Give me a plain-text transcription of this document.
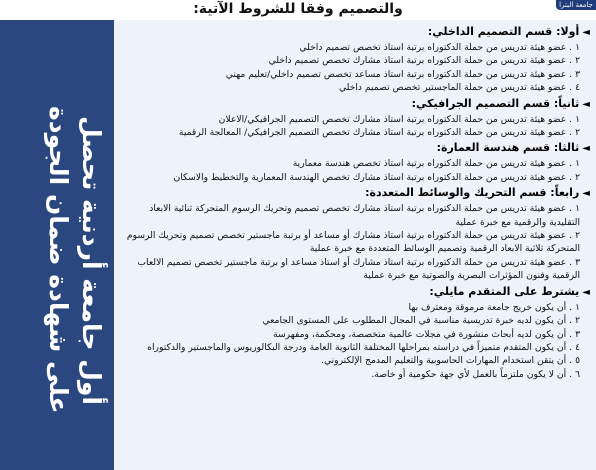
والتصميم وفقا للشروط الآتية:	جامعة البترا
أول جامعة أردنية تحصل
على شهادة ضمان الجودة
◄أولا: قسم التصميم الداخلي:
١. عضو هيئة تدريس من حملة الدكتوراه برتبة استاذ تخصص تصميم داخلي
٢. عضو هيئة تدريس من حملة الدكتوراه برتبة استاذ مشارك تخصص تصميم داخلي
٣. عضو هيئة تدريس من حملة الدكتوراه برتبة استاذ مساعد تخصص تصميم داخلي/تعليم مهني
٤. عضو هيئة تدريس من حملة الماجستير تخصص تصميم داخلي
◄ثانياً: قسم التصميم الجرافيكي:
١. عضو هيئة تدريس من حملة الدكتوراه برتبة استاذ مشارك تخصص التصميم الجرافيكي/الاعلان
٢. عضو هيئة تدريس من حملة الدكتوراه برتبة استاذ مشارك تخصص التصميم الجرافيكي/ المعالجة الرقمية
◄ثالثا: قسم هندسة العمارة:
١. عضو هيئة تدريس من حملة الدكتوراه برتبة استاذ تخصص هندسة معمارية
٢. عضو هيئة تدريس من حملة الدكتوراه برتبة استاذ مشارك تخصص الهندسة المعمارية والتخطيط والاسكان
◄رابعاً: قسم التحريك والوسائط المتعددة:
١. عضو هيئة تدريس من حملة الدكتوراه برتبة استاذ مشارك تخصص تصميم وتحريك الرسوم المتحركة ثنائية الابعاد التقليدية والرقمية مع خبرة عملية
٢. عضو هيئة تدريس من حملة الدكتوراه برتبة استاذ مشارك أو مساعد أو برتبة ماجستير تخصص تصميم وتحريك الرسوم المتحركة ثلاثية الابعاد الرقمية وتصميم الوسائط المتعددة مع خبرة عملية
٣. عضو هيئة تدريس من حملة الدكتوراه برتبة استاذ مشارك أو استاذ مساعد او برتبة ماجستير تخصص تصميم الالعاب الرقمية وفنون المؤثرات البصرية والصوتية مع خبرة عملية
◄يشترط على المتقدم مايلي:
١. أن يكون خريج جامعة مرموقة ومعترف بها
٢. أن يكون لديه خبرة تدريسية مناسبة في المجال المطلوب على المستوى الجامعي
٣. أن يكون لديه أبحاث منشورة في مجلات عالمية متخصصة، ومحكمة، ومفهرسة
٤. أن يكون المتقدم متميزاً في دراسته بمراحلها المختلفة الثانوية العامة ودرجة البكالوريوس والماجستير والدكتوراه
٥. أن يتقن استخدام المهارات الحاسوبية والتعليم المدمج الإلكتروني.
٦. أن لا يكون ملتزماً بالعمل لأي جهة حكومية أو خاصة.
